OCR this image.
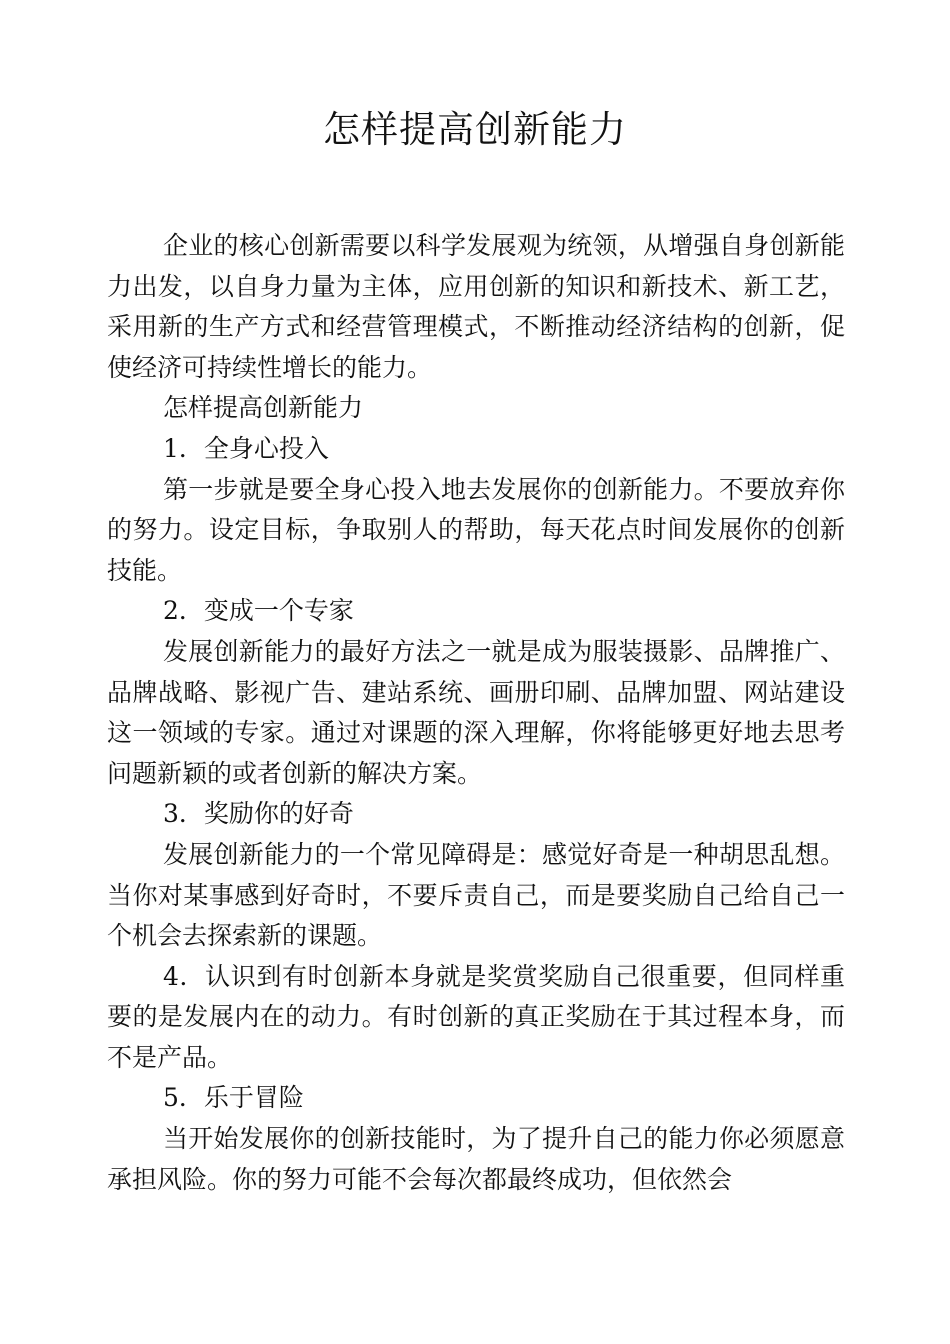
怎样提高创新能力

企业的核心创新需要以科学发展观为统领，从增强自身创新能力出发，以自身力量为主体，应用创新的知识和新技术、新工艺，采用新的生产方式和经营管理模式，不断推动经济结构的创新，促使经济可持续性增长的能力。

怎样提高创新能力

1．全身心投入

第一步就是要全身心投入地去发展你的创新能力。不要放弃你的努力。设定目标，争取别人的帮助，每天花点时间发展你的创新技能。

2．变成一个专家

发展创新能力的最好方法之一就是成为服装摄影、品牌推广、品牌战略、影视广告、建站系统、画册印刷、品牌加盟、网站建设这一领域的专家。通过对课题的深入理解，你将能够更好地去思考问题新颖的或者创新的解决方案。

3．奖励你的好奇

发展创新能力的一个常见障碍是：感觉好奇是一种胡思乱想。当你对某事感到好奇时，不要斥责自己，而是要奖励自己给自己一个机会去探索新的课题。

4．认识到有时创新本身就是奖赏奖励自己很重要，但同样重要的是发展内在的动力。有时创新的真正奖励在于其过程本身，而不是产品。

5．乐于冒险

当开始发展你的创新技能时，为了提升自己的能力你必须愿意承担风险。你的努力可能不会每次都最终成功，但依然会
